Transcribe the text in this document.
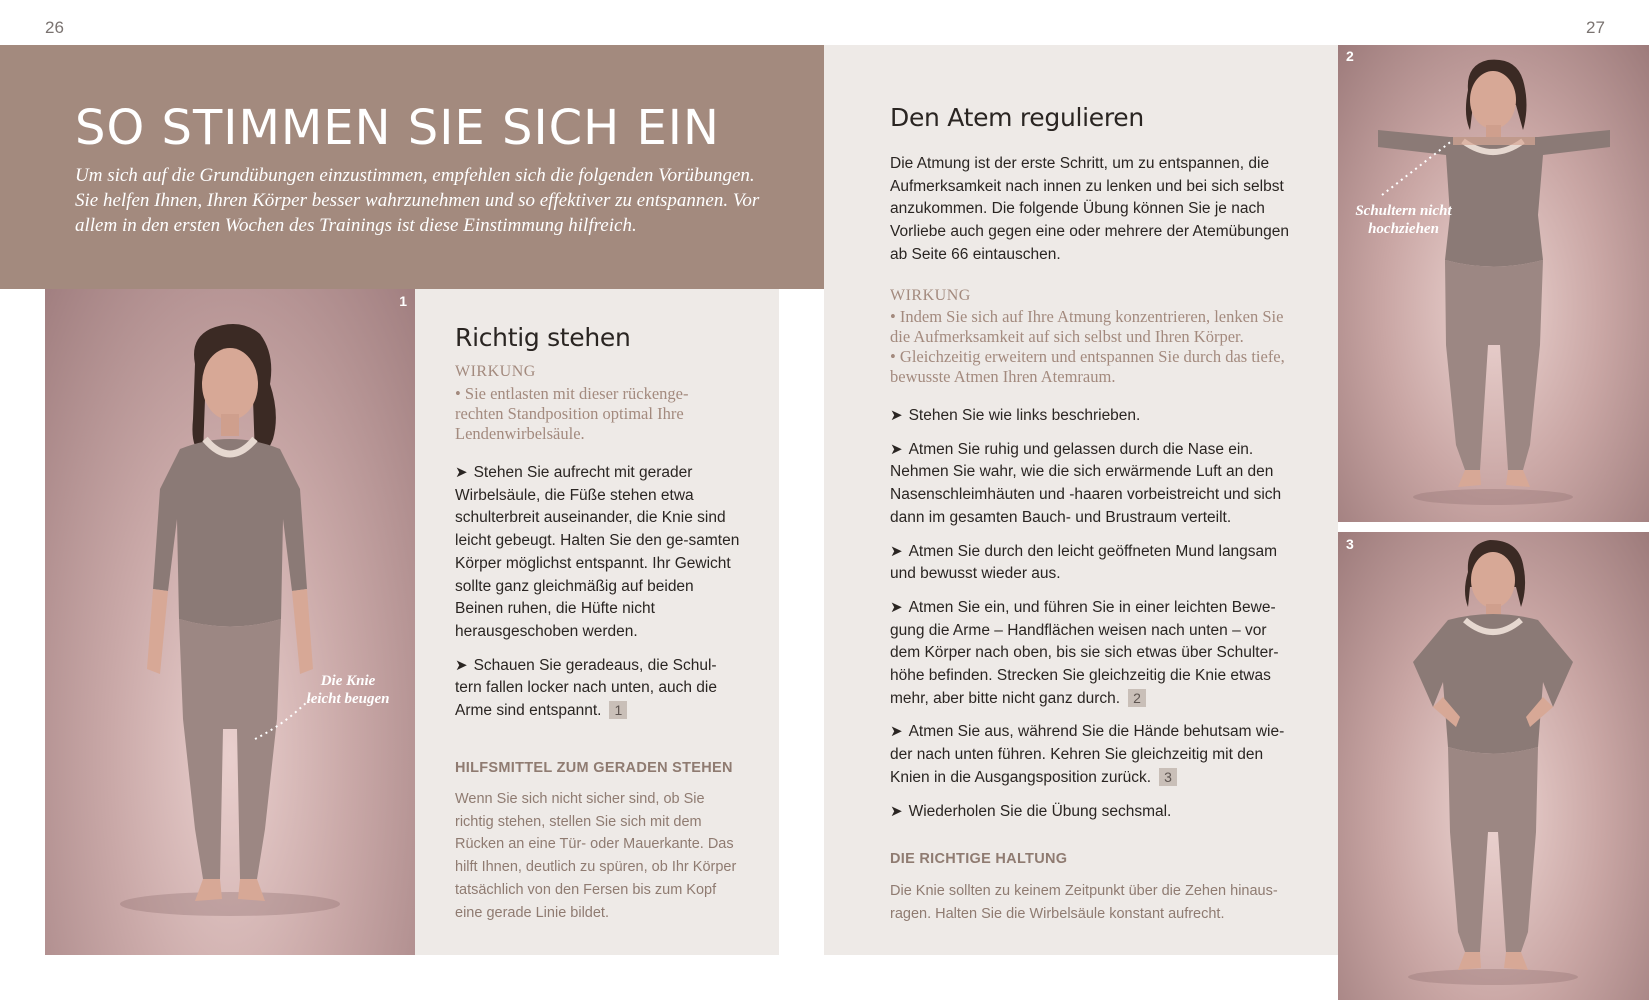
26	27
SO STIMMEN SIE SICH EIN
Um sich auf die Grundübungen einzustimmen, empfehlen sich die folgenden Vorübungen. Sie helfen Ihnen, Ihren Körper besser wahrzunehmen und so effektiver zu entspannen. Vor allem in den ersten Wochen des Trainings ist diese Einstimmung hilfreich.
1
Die Knie
leicht beugen
Richtig stehen
WIRKUNG
• Sie entlasten mit dieser rückenge-rechten Standposition optimal Ihre Lendenwirbelsäule.

➤ Stehen Sie aufrecht mit gerader Wirbelsäule, die Füße stehen etwa schulterbreit auseinander, die Knie sind leicht gebeugt. Halten Sie den ge-samten Körper möglichst entspannt. Ihr Gewicht sollte ganz gleichmäßig auf beiden Beinen ruhen, die Hüfte nicht herausgeschoben werden.

➤ Schauen Sie geradeaus, die Schul-tern fallen locker nach unten, auch die Arme sind entspannt. 1

HILFSMITTEL ZUM GERADEN STEHEN
Wenn Sie sich nicht sicher sind, ob Sie richtig stehen, stellen Sie sich mit dem Rücken an eine Tür- oder Mauerkante. Das hilft Ihnen, deutlich zu spüren, ob Ihr Körper tatsächlich von den Fersen bis zum Kopf eine gerade Linie bildet.
Den Atem regulieren
Die Atmung ist der erste Schritt, um zu entspannen, die Aufmerksamkeit nach innen zu lenken und bei sich selbst anzukommen. Die folgende Übung können Sie je nach Vorliebe auch gegen eine oder mehrere der Atemübungen ab Seite 66 eintauschen.
WIRKUNG
• Indem Sie sich auf Ihre Atmung konzentrieren, lenken Sie die Aufmerksamkeit auf sich selbst und Ihren Körper.
• Gleichzeitig erweitern und entspannen Sie durch das tiefe, bewusste Atmen Ihren Atemraum.

➤ Stehen Sie wie links beschrieben.

➤ Atmen Sie ruhig und gelassen durch die Nase ein. Nehmen Sie wahr, wie die sich erwärmende Luft an den Nasenschleimhäuten und -haaren vorbeistreicht und sich dann im gesamten Bauch- und Brustraum verteilt.

➤ Atmen Sie durch den leicht geöffneten Mund langsam und bewusst wieder aus.

➤ Atmen Sie ein, und führen Sie in einer leichten Bewe-gung die Arme – Handflächen weisen nach unten – vor dem Körper nach oben, bis sie sich etwas über Schulter-höhe befinden. Strecken Sie gleichzeitig die Knie etwas mehr, aber bitte nicht ganz durch. 2

➤ Atmen Sie aus, während Sie die Hände behutsam wie-der nach unten führen. Kehren Sie gleichzeitig mit den Knien in die Ausgangsposition zurück. 3

➤ Wiederholen Sie die Übung sechsmal.

DIE RICHTIGE HALTUNG
Die Knie sollten zu keinem Zeitpunkt über die Zehen hinaus-ragen. Halten Sie die Wirbelsäule konstant aufrecht.
2
Schultern nicht
hochziehen
3
